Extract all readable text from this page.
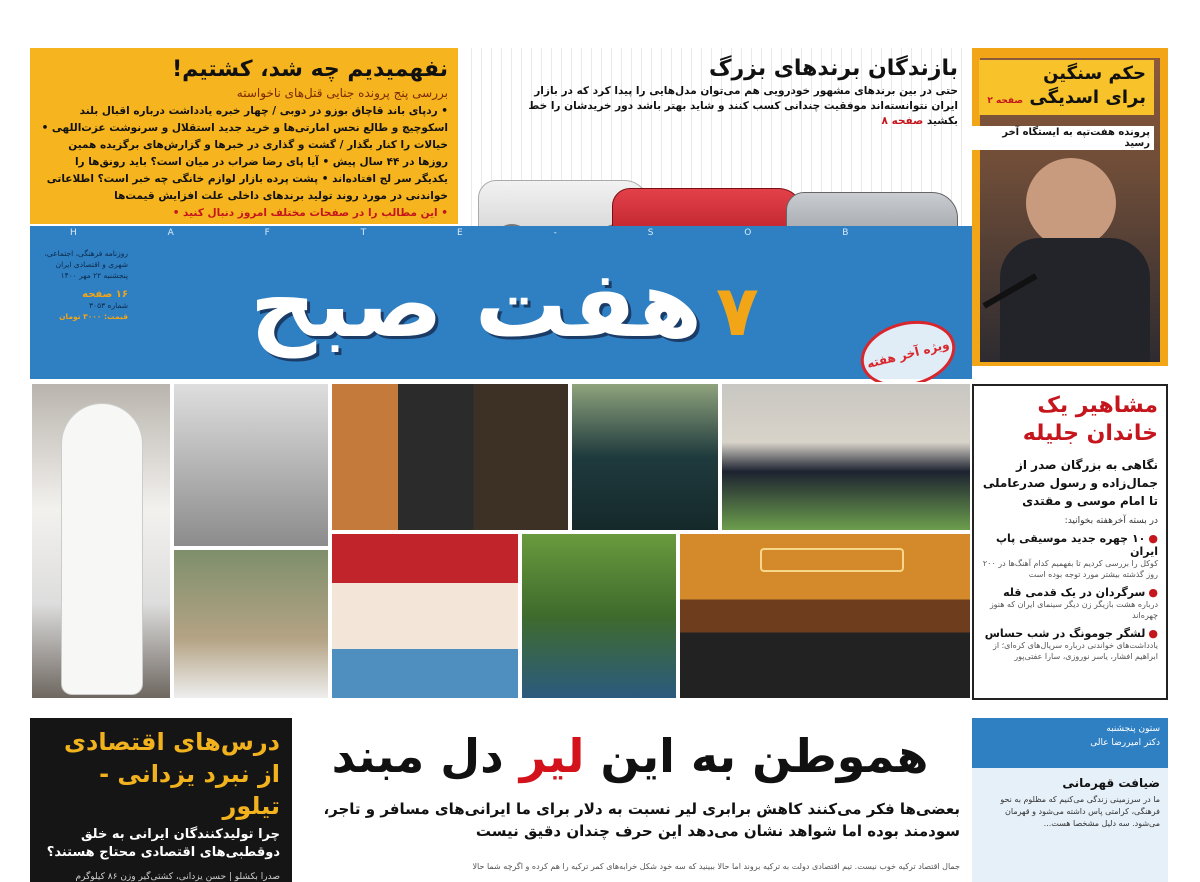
نفهمیدیم چه شد، کشتیم!
بررسی پنج پرونده جنایی قتل‌های ناخواسته
• ردپای باند قاچاق بوزو در دوبی / چهار خبره یادداشت درباره اقبال بلند اسکوچیچ و طالع نحس امارتی‌ها و خرید جدید استقلال و سرنوشت عزت‌اللهی • خیالات را کنار بگذار / گشت و گذاری در خبرها و گزارش‌های برگزیده همین روزها در ۴۴ سال پیش • آیا پای رضا ضراب در میان است؟ باید رونق‌ها را یکدیگر سر لج افتاده‌اند • پشت پرده بازار لوازم خانگی چه خبر است؟ اطلاعاتی خواندنی در مورد روند تولید برندهای داخلی علت افزایش قیمت‌ها
• این مطالب را در صفحات مختلف امروز دنبال کنید •
بازندگان برندهای بزرگ
حتی در بین برندهای مشهور خودرویی هم می‌توان مدل‌هایی را پیدا کرد که در بازار ایران نتوانسته‌اند موفقیت چندانی کسب کنند و شاید بهتر باشد دور خریدشان را خط بکشید صفحه ۸
حکم سنگین
برای اسدیگی صفحه ۲
پرونده هفت‌تپه به ایستگاه آخر رسید
H A F T E - S O B
روزنامه فرهنگی، اجتماعی،
شهری و اقتصادی ایران
پنجشنبه ۲۲ مهر ۱۴۰۰
۱۶ صفحه
شماره ۳۰۵۳
قیمت: ۳۰۰۰ تومان هفت صبح ۷
ویژه آخر هفته
مشاهیر یک خاندان جلیله
نگاهی به بزرگان صدر از جمال‌زاده و رسول صدرعاملی تا امام موسی و مقتدی
در بسته آخرهفته بخوانید:
●۱۰ چهره جدید موسیقی پاپ ایران
کوکل را بررسی کردیم تا بفهمیم کدام آهنگ‌ها در ۲۰۰ روز گذشته بیشتر مورد توجه بوده است
●سرگردان در یک قدمی قله
درباره هشت بازیگر زن دیگر سینمای ایران که هنوز چهره‌اند
●لشگر جومونگ در شب حساس
یادداشت‌های خواندنی درباره سریال‌های کره‌ای؛ از ابراهیم افشار، یاسر نوروزی، سارا عفتی‌پور
درس‌های اقتصادی
از نبرد یزدانی - تیلور
چرا تولیدکنندگان ایرانی به خلق دوقطبی‌های اقتصادی محتاج هستند؟
صدرا بکشلو | حسن یزدانی، کشتی‌گیر وزن ۸۶ کیلوگرم
هموطن به این لیر دل مبند
بعضی‌ها فکر می‌کنند کاهش برابری لیر نسبت به دلار برای ما ایرانی‌های مسافر و تاجر، سودمند بوده اما شواهد نشان می‌دهد این حرف چندان دقیق نیست
جمال اقتصاد ترکیه خوب نیست. تیم اقتصادی دولت به ترکیه بروند اما حالا ببینید که سه خود شکل خرابه‌های کمر ترکیه را هم کرده و اگرچه شما حالا
ستون پنجشنبه
دکتر امیررضا عالی
ضیافت قهرمانی
ما در سرزمینی زندگی می‌کنیم که مظلوم به نحو فرهنگی، کرامتی پاس داشته می‌شود و قهرمان می‌شود. سه دلیل مشخصا هست...
